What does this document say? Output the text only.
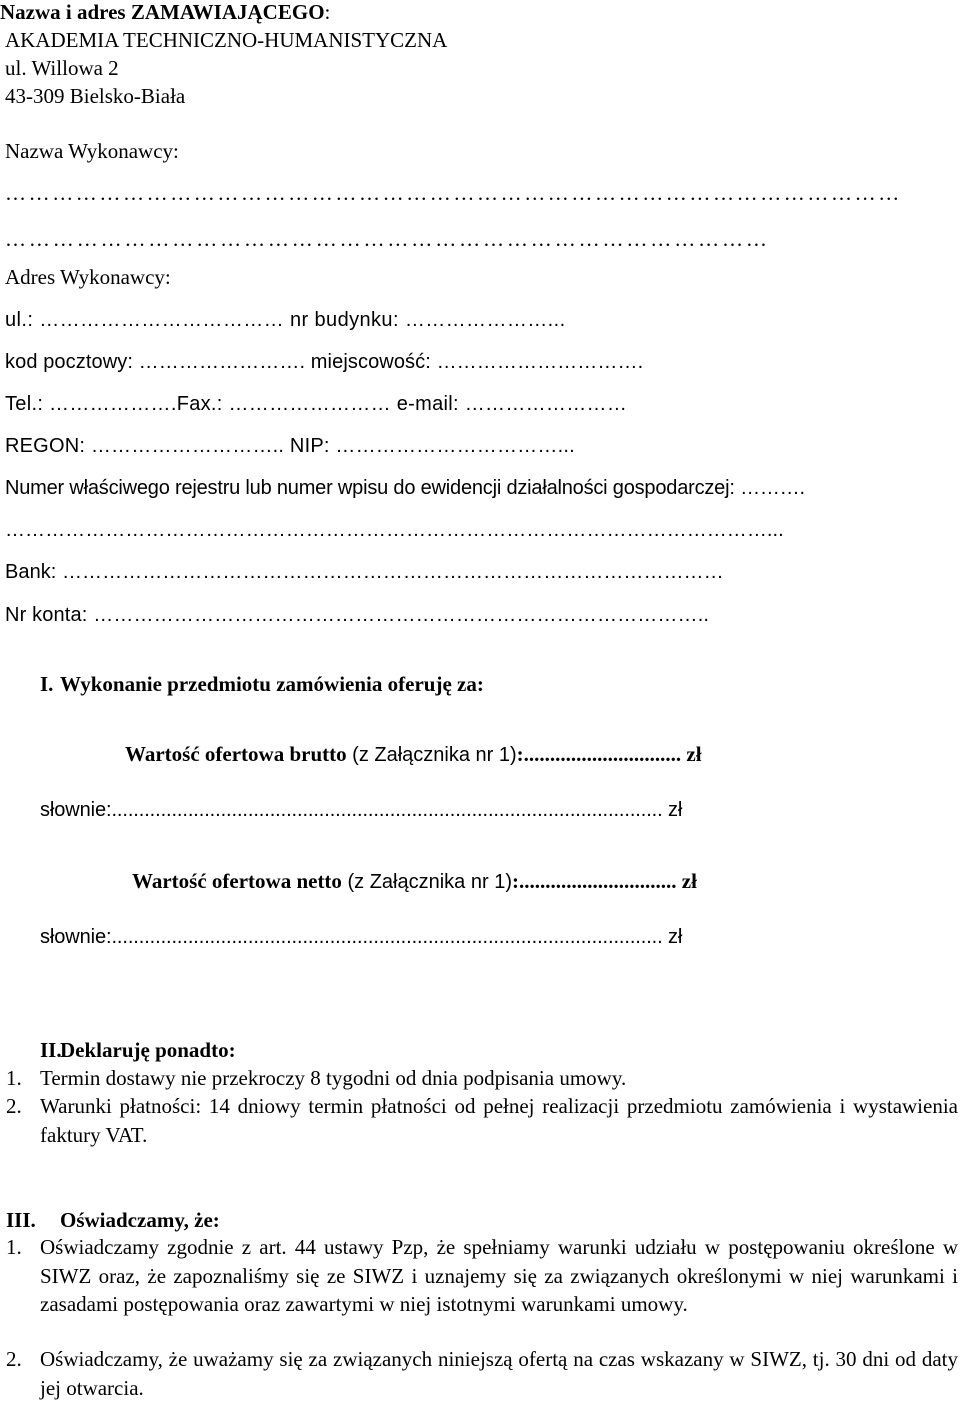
Nazwa i adres ZAMAWIAJĄCEGO:
AKADEMIA TECHNICZNO-HUMANISTYCZNA
ul. Willowa 2
43-309 Bielsko-Biała
Nazwa Wykonawcy:
……………………………………………………………………………………………………
……………………………………………………………………………………
Adres Wykonawcy:
ul.: ……………………………… nr budynku: …………………...
kod pocztowy: ……………………. miejscowość: ………………………….
Tel.: ……………….Fax.: …………………… e-mail: ……………………
REGON: ……………………….. NIP: ……………………………...
Numer właściwego rejestru lub numer wpisu do ewidencji działalności gospodarczej: ……….
……………………………………………………………………………………………………...
Bank: ………………………………………………………………………………………
Nr konta: ………………………………………………………………………………..
I. Wykonanie przedmiotu zamówienia oferuję za:
Wartość ofertowa brutto (z Załącznika nr 1):.............................. zł
słownie:..................................................................................................... zł
Wartość ofertowa netto (z Załącznika nr 1):.............................. zł
słownie:..................................................................................................... zł
II.
Deklaruję ponadto:
1. Termin dostawy nie przekroczy 8 tygodni od dnia podpisania umowy.
2. Warunki płatności: 14 dniowy termin płatności od pełnej realizacji przedmiotu zamówienia i wystawienia faktury VAT.
III. Oświadczamy, że:
1. Oświadczamy zgodnie z art. 44 ustawy Pzp, że spełniamy warunki udziału w postępowaniu określone w SIWZ oraz, że zapoznaliśmy się ze SIWZ i uznajemy się za związanych określonymi w niej warunkami i zasadami postępowania oraz zawartymi w niej istotnymi warunkami umowy.
2. Oświadczamy, że uważamy się za związanych niniejszą ofertą na czas wskazany w SIWZ, tj. 30 dni od daty jej otwarcia.
